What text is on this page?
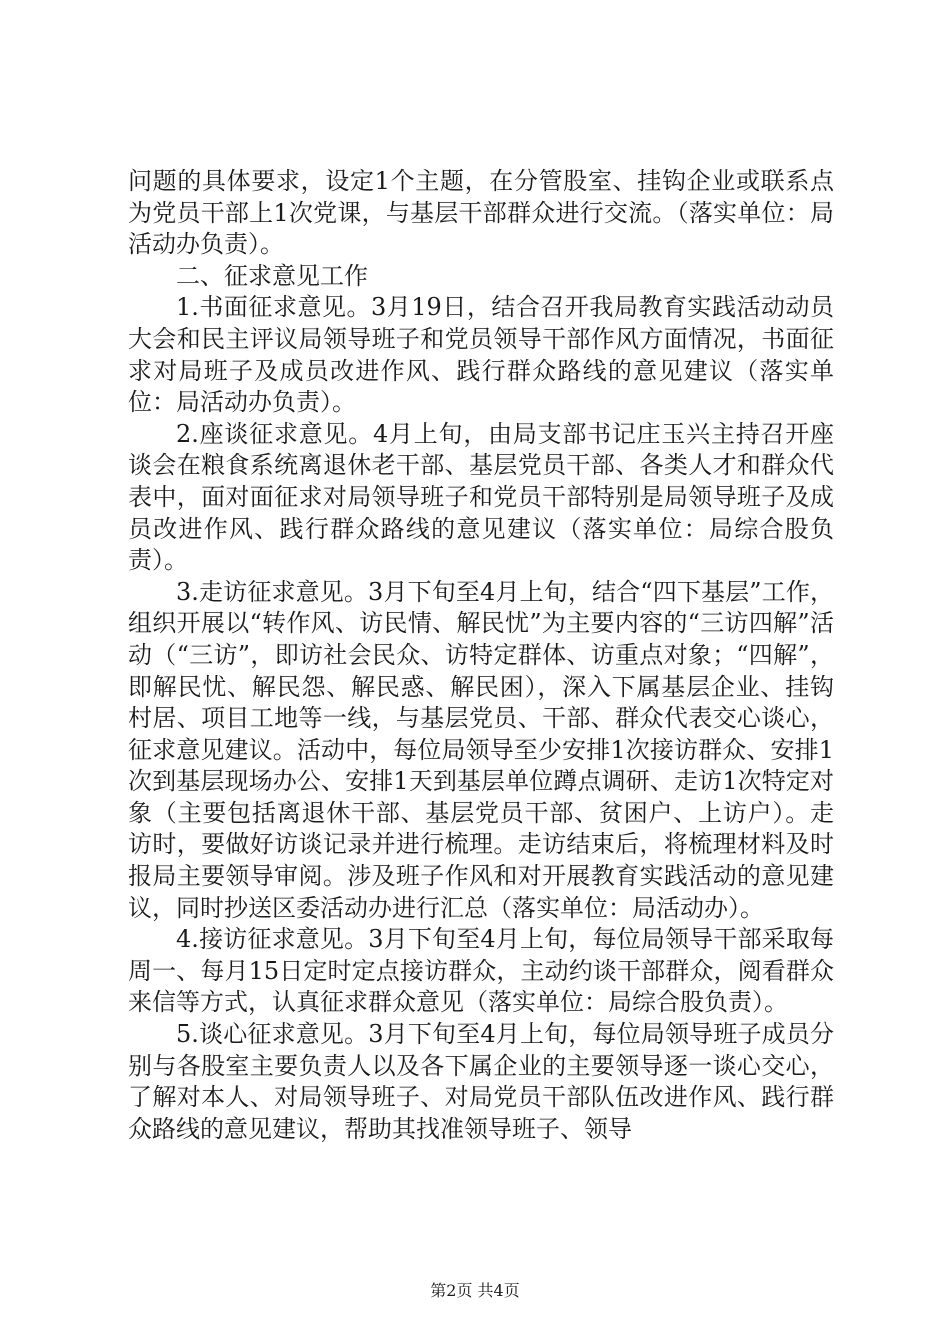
问题的具体要求，设定1个主题，在分管股室、挂钩企业或联系点为党员干部上1次党课，与基层干部群众进行交流。（落实单位：局活动办负责）。

二、征求意见工作

1.书面征求意见。3月19日，结合召开我局教育实践活动动员大会和民主评议局领导班子和党员领导干部作风方面情况，书面征求对局班子及成员改进作风、践行群众路线的意见建议（落实单位：局活动办负责）。

2.座谈征求意见。4月上旬，由局支部书记庄玉兴主持召开座谈会在粮食系统离退休老干部、基层党员干部、各类人才和群众代表中，面对面征求对局领导班子和党员干部特别是局领导班子及成员改进作风、践行群众路线的意见建议（落实单位：局综合股负责）。

3.走访征求意见。3月下旬至4月上旬，结合“四下基层”工作，组织开展以“转作风、访民情、解民忧”为主要内容的“三访四解”活动（“三访”，即访社会民众、访特定群体、访重点对象；“四解”，即解民忧、解民怨、解民惑、解民困），深入下属基层企业、挂钩村居、项目工地等一线，与基层党员、干部、群众代表交心谈心，征求意见建议。活动中，每位局领导至少安排1次接访群众、安排1次到基层现场办公、安排1天到基层单位蹲点调研、走访1次特定对象（主要包括离退休干部、基层党员干部、贫困户、上访户）。走访时，要做好访谈记录并进行梳理。走访结束后，将梳理材料及时报局主要领导审阅。涉及班子作风和对开展教育实践活动的意见建议，同时抄送区委活动办进行汇总（落实单位：局活动办）。

4.接访征求意见。3月下旬至4月上旬，每位局领导干部采取每周一、每月15日定时定点接访群众，主动约谈干部群众，阅看群众来信等方式，认真征求群众意见（落实单位：局综合股负责）。

5.谈心征求意见。3月下旬至4月上旬，每位局领导班子成员分别与各股室主要负责人以及各下属企业的主要领导逐一谈心交心，了解对本人、对局领导班子、对局党员干部队伍改进作风、践行群众路线的意见建议，帮助其找准领导班子、领导

第2页 共4页
